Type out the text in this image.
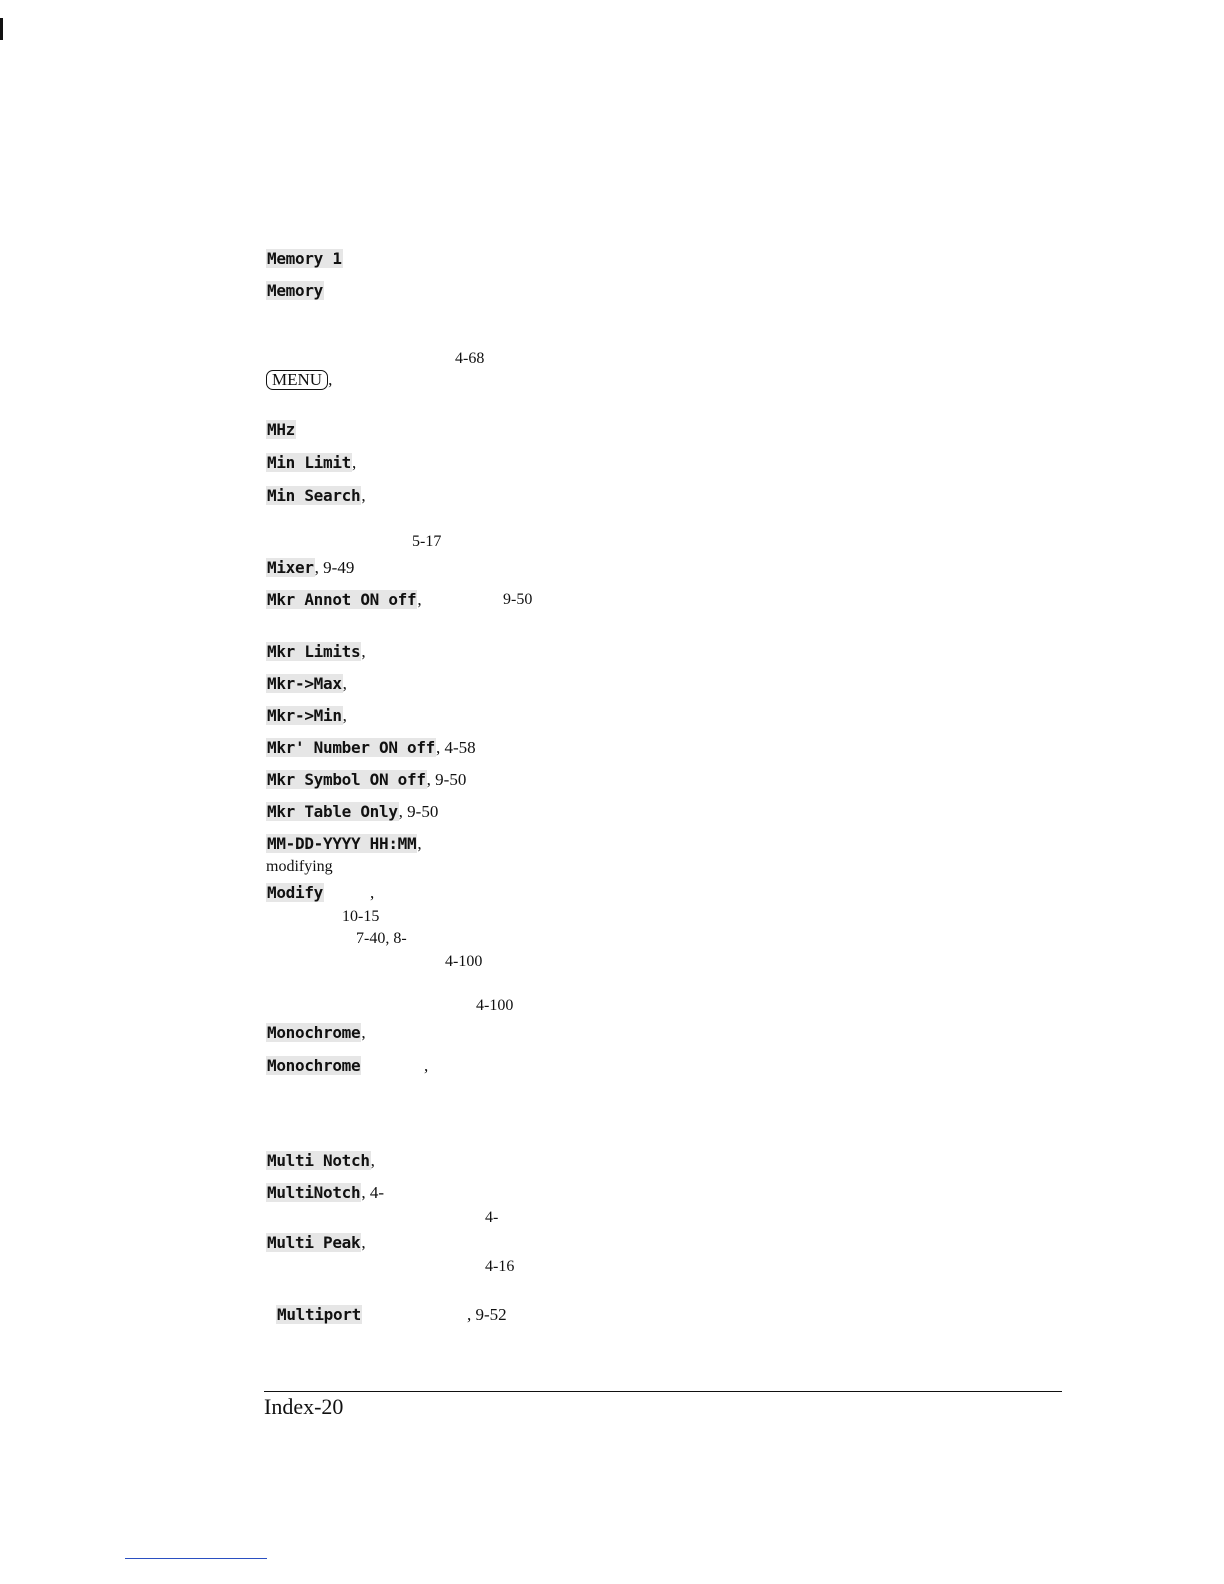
Memory 1
Memory
4-68
MENU ,
MHz
Min Limit,
Min Search,
5-17
Mixer, 9-49
Mkr Annot ON off,	9-50
Mkr Limits,
Mkr->Max,
Mkr->Min,
Mkr' Number ON off, 4-58
Mkr Symbol ON off, 9-50
Mkr Table Only, 9-50
MM-DD-YYYY HH:MM,
modifying
Modify	,
10-15
7-40, 8-
4-100
4-100
Monochrome,
Monochrome	,
Multi Notch,
MultiNotch, 4-
4-
Multi Peak,
4-16
Multiport	, 9-52
Index-20
